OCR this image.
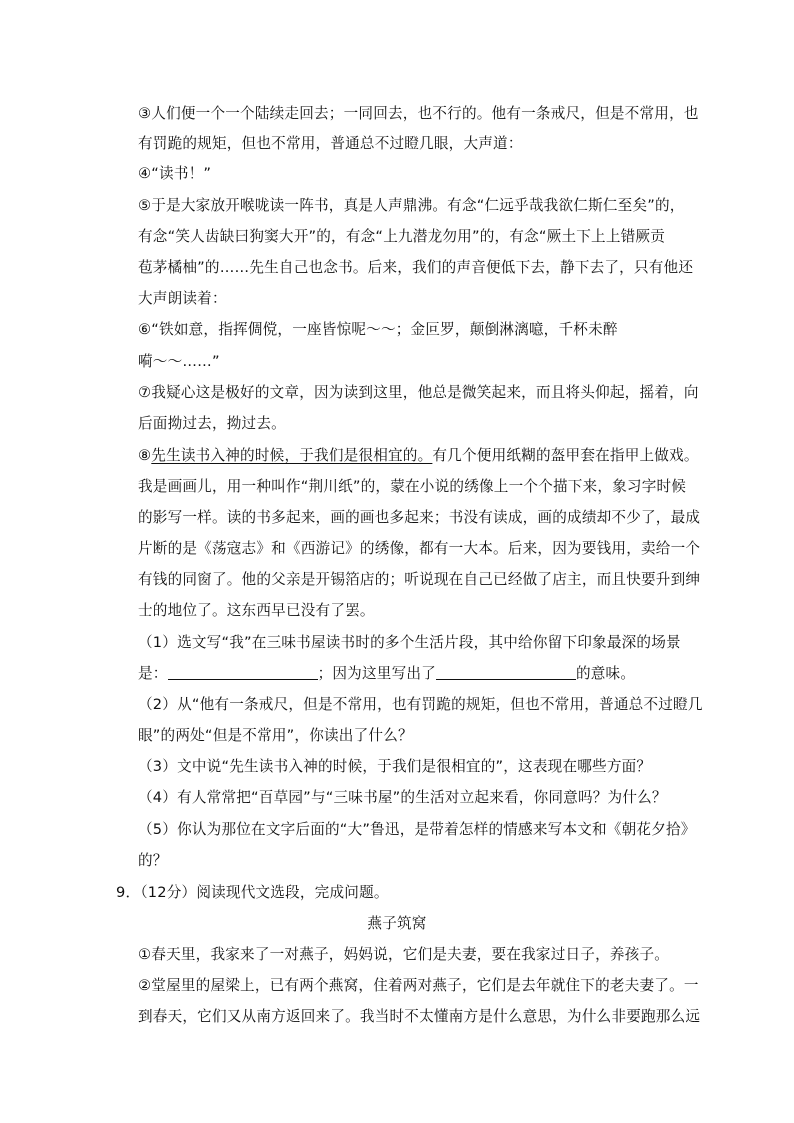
③人们便一个一个陆续走回去；一同回去，也不行的。他有一条戒尺，但是不常用，也
有罚跪的规矩，但也不常用，普通总不过瞪几眼，大声道：
④“读书！”
⑤于是大家放开喉咙读一阵书，真是人声鼎沸。有念“仁远乎哉我欲仁斯仁至矣”的，
有念“笑人齿缺曰狗窦大开”的，有念“上九潜龙勿用”的，有念“厥土下上上错厥贡
苞茅橘柚”的……先生自己也念书。后来，我们的声音便低下去，静下去了，只有他还
大声朗读着：
⑥“铁如意，指挥倜傥，一座皆惊呢～～；金叵罗，颠倒淋漓噫，千杯未醉
嗬～～……”
⑦我疑心这是极好的文章，因为读到这里，他总是微笑起来，而且将头仰起，摇着，向
后面拗过去，拗过去。
⑧先生读书入神的时候，于我们是很相宜的。有几个便用纸糊的盔甲套在指甲上做戏。
我是画画儿，用一种叫作“荆川纸”的，蒙在小说的绣像上一个个描下来，象习字时候
的影写一样。读的书多起来，画的画也多起来；书没有读成，画的成绩却不少了，最成
片断的是《荡寇志》和《西游记》的绣像，都有一大本。后来，因为要钱用，卖给一个
有钱的同窗了。他的父亲是开锡箔店的；听说现在自己已经做了店主，而且快要升到绅
士的地位了。这东西早已没有了罢。
（1）选文写“我”在三味书屋读书时的多个生活片段，其中给你留下印象最深的场景
是：	；因为这里写出了	的意味。
（2）从“他有一条戒尺，但是不常用，也有罚跪的规矩，但也不常用，普通总不过瞪几
眼”的两处“但是不常用”，你读出了什么？
（3）文中说“先生读书入神的时候，于我们是很相宜的”，这表现在哪些方面？
（4）有人常常把“百草园”与“三味书屋”的生活对立起来看，你同意吗？为什么？
（5）你认为那位在文字后面的“大”鲁迅，是带着怎样的情感来写本文和《朝花夕拾》
的？
9．（12分）阅读现代文选段，完成问题。
燕子筑窝
①春天里，我家来了一对燕子，妈妈说，它们是夫妻，要在我家过日子，养孩子。
②堂屋里的屋梁上，已有两个燕窝，住着两对燕子，它们是去年就住下的老夫妻了。一
到春天，它们又从南方返回来了。我当时不太懂南方是什么意思，为什么非要跑那么远
